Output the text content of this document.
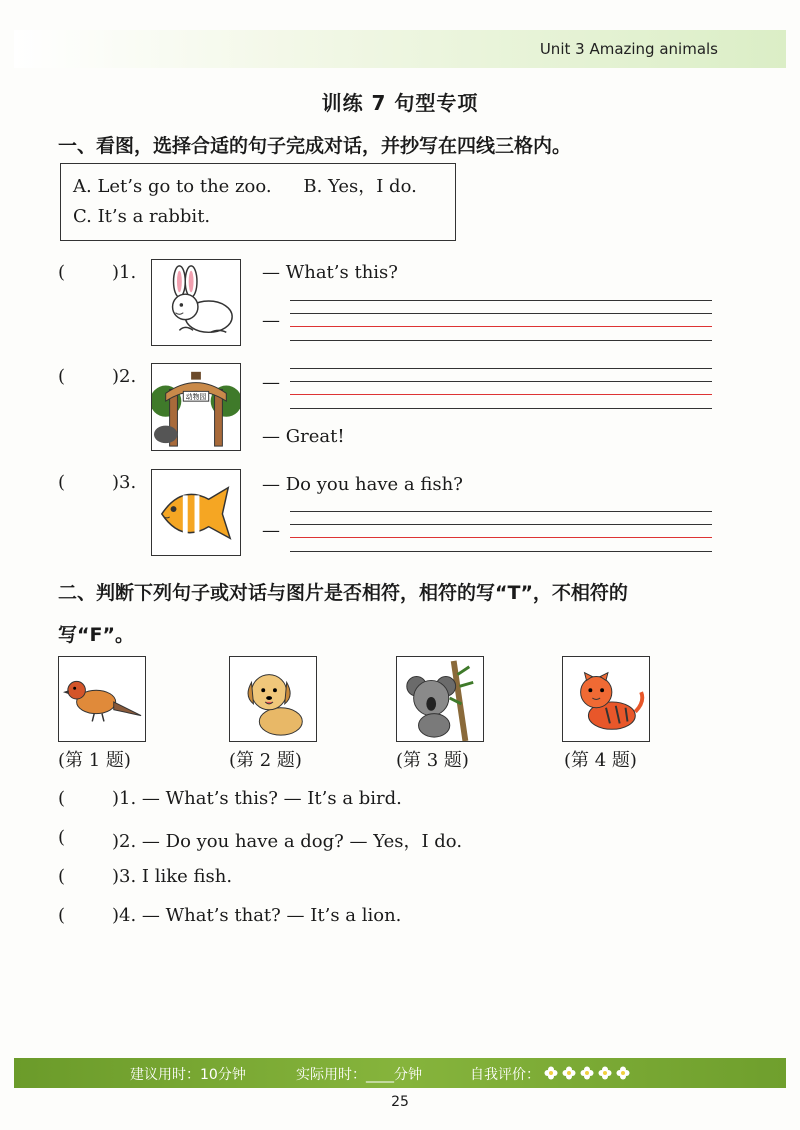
Unit 3 Amazing animals
训练 7 句型专项
一、看图，选择合适的句子完成对话，并抄写在四线三格内。
A. Let’s go to the zoo. B. Yes，I do.
C. It’s a rabbit.
(	)1.	— What’s this?
—
(	)2.
动物园
—
— Great!
(	)3.	— Do you have a fish?
—
二、判断下列句子或对话与图片是否相符，相符的写“T”，不相符的
写“F”。
(第 1 题)	(第 2 题)	(第 3 题)	(第 4 题)
(	)1. — What’s this? — It’s a bird.
(	)2. — Do you have a dog? — Yes，I do.
(	)3. I like fish.
(	)4. — What’s that? — It’s a lion.
建议用时：10分钟	实际用时：____分钟	自我评价：
25
